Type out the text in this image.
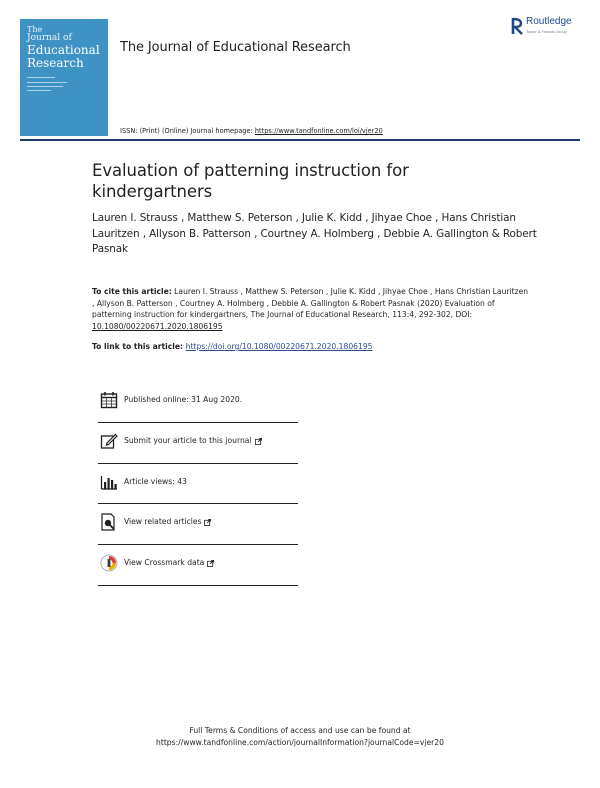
The
Journal of
Educational
Research
The Journal of Educational Research
Routledge
Taylor & Francis Group
ISSN: (Print) (Online) Journal homepage: https://www.tandfonline.com/loi/vjer20
Evaluation of patterning instruction for kindergartners
Lauren I. Strauss , Matthew S. Peterson , Julie K. Kidd , Jihyae Choe , Hans Christian Lauritzen , Allyson B. Patterson , Courtney A. Holmberg , Debbie A. Gallington & Robert Pasnak
To cite this article: Lauren I. Strauss , Matthew S. Peterson , Julie K. Kidd , Jihyae Choe , Hans Christian Lauritzen , Allyson B. Patterson , Courtney A. Holmberg , Debbie A. Gallington & Robert Pasnak (2020) Evaluation of patterning instruction for kindergartners, The Journal of Educational Research, 113:4, 292-302, DOI: 10.1080/00220671.2020.1806195
To link to this article: https://doi.org/10.1080/00220671.2020.1806195
Published online: 31 Aug 2020.
Submit your article to this journal
Article views: 43
View related articles
View Crossmark data
Full Terms & Conditions of access and use can be found at
https://www.tandfonline.com/action/journalInformation?journalCode=vjer20
